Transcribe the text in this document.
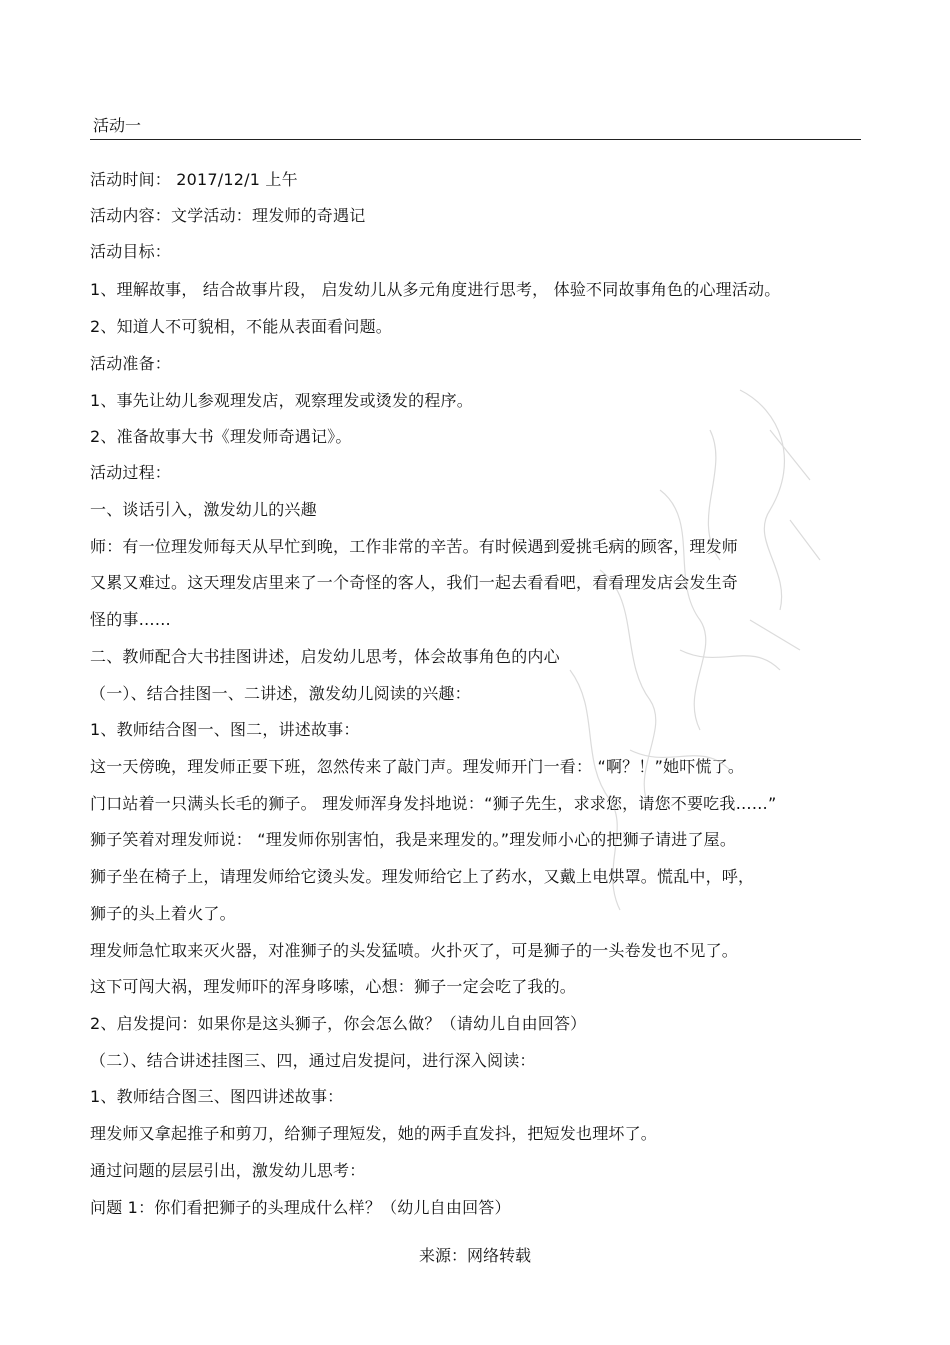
活动一
活动时间： 2017/12/1 上午
活动内容：文学活动：理发师的奇遇记
活动目标：
1、理解故事， 结合故事片段， 启发幼儿从多元角度进行思考， 体验不同故事角色的心理活动。
2、知道人不可貌相，不能从表面看问题。
活动准备：
1、事先让幼儿参观理发店，观察理发或烫发的程序。
2、准备故事大书《理发师奇遇记》。
活动过程：
一、谈话引入，激发幼儿的兴趣
师：有一位理发师每天从早忙到晚，工作非常的辛苦。有时候遇到爱挑毛病的顾客，理发师
又累又难过。这天理发店里来了一个奇怪的客人，我们一起去看看吧，看看理发店会发生奇
怪的事……
二、教师配合大书挂图讲述，启发幼儿思考，体会故事角色的内心
（一）、结合挂图一、二讲述，激发幼儿阅读的兴趣：
1、教师结合图一、图二，讲述故事：
这一天傍晚，理发师正要下班，忽然传来了敲门声。理发师开门一看： “啊？！”她吓慌了。
门口站着一只满头长毛的狮子。 理发师浑身发抖地说：“狮子先生，求求您，请您不要吃我……”
狮子笑着对理发师说： “理发师你别害怕，我是来理发的。”理发师小心的把狮子请进了屋。
狮子坐在椅子上，请理发师给它烫头发。理发师给它上了药水，又戴上电烘罩。慌乱中，呼，
狮子的头上着火了。
理发师急忙取来灭火器，对准狮子的头发猛喷。火扑灭了，可是狮子的一头卷发也不见了。
这下可闯大祸，理发师吓的浑身哆嗦，心想：狮子一定会吃了我的。
2、启发提问：如果你是这头狮子，你会怎么做？（请幼儿自由回答）
（二）、结合讲述挂图三、四，通过启发提问，进行深入阅读：
1、教师结合图三、图四讲述故事：
理发师又拿起推子和剪刀，给狮子理短发，她的两手直发抖，把短发也理坏了。
通过问题的层层引出，激发幼儿思考：
问题 1：你们看把狮子的头理成什么样？（幼儿自由回答）
来源：网络转载
